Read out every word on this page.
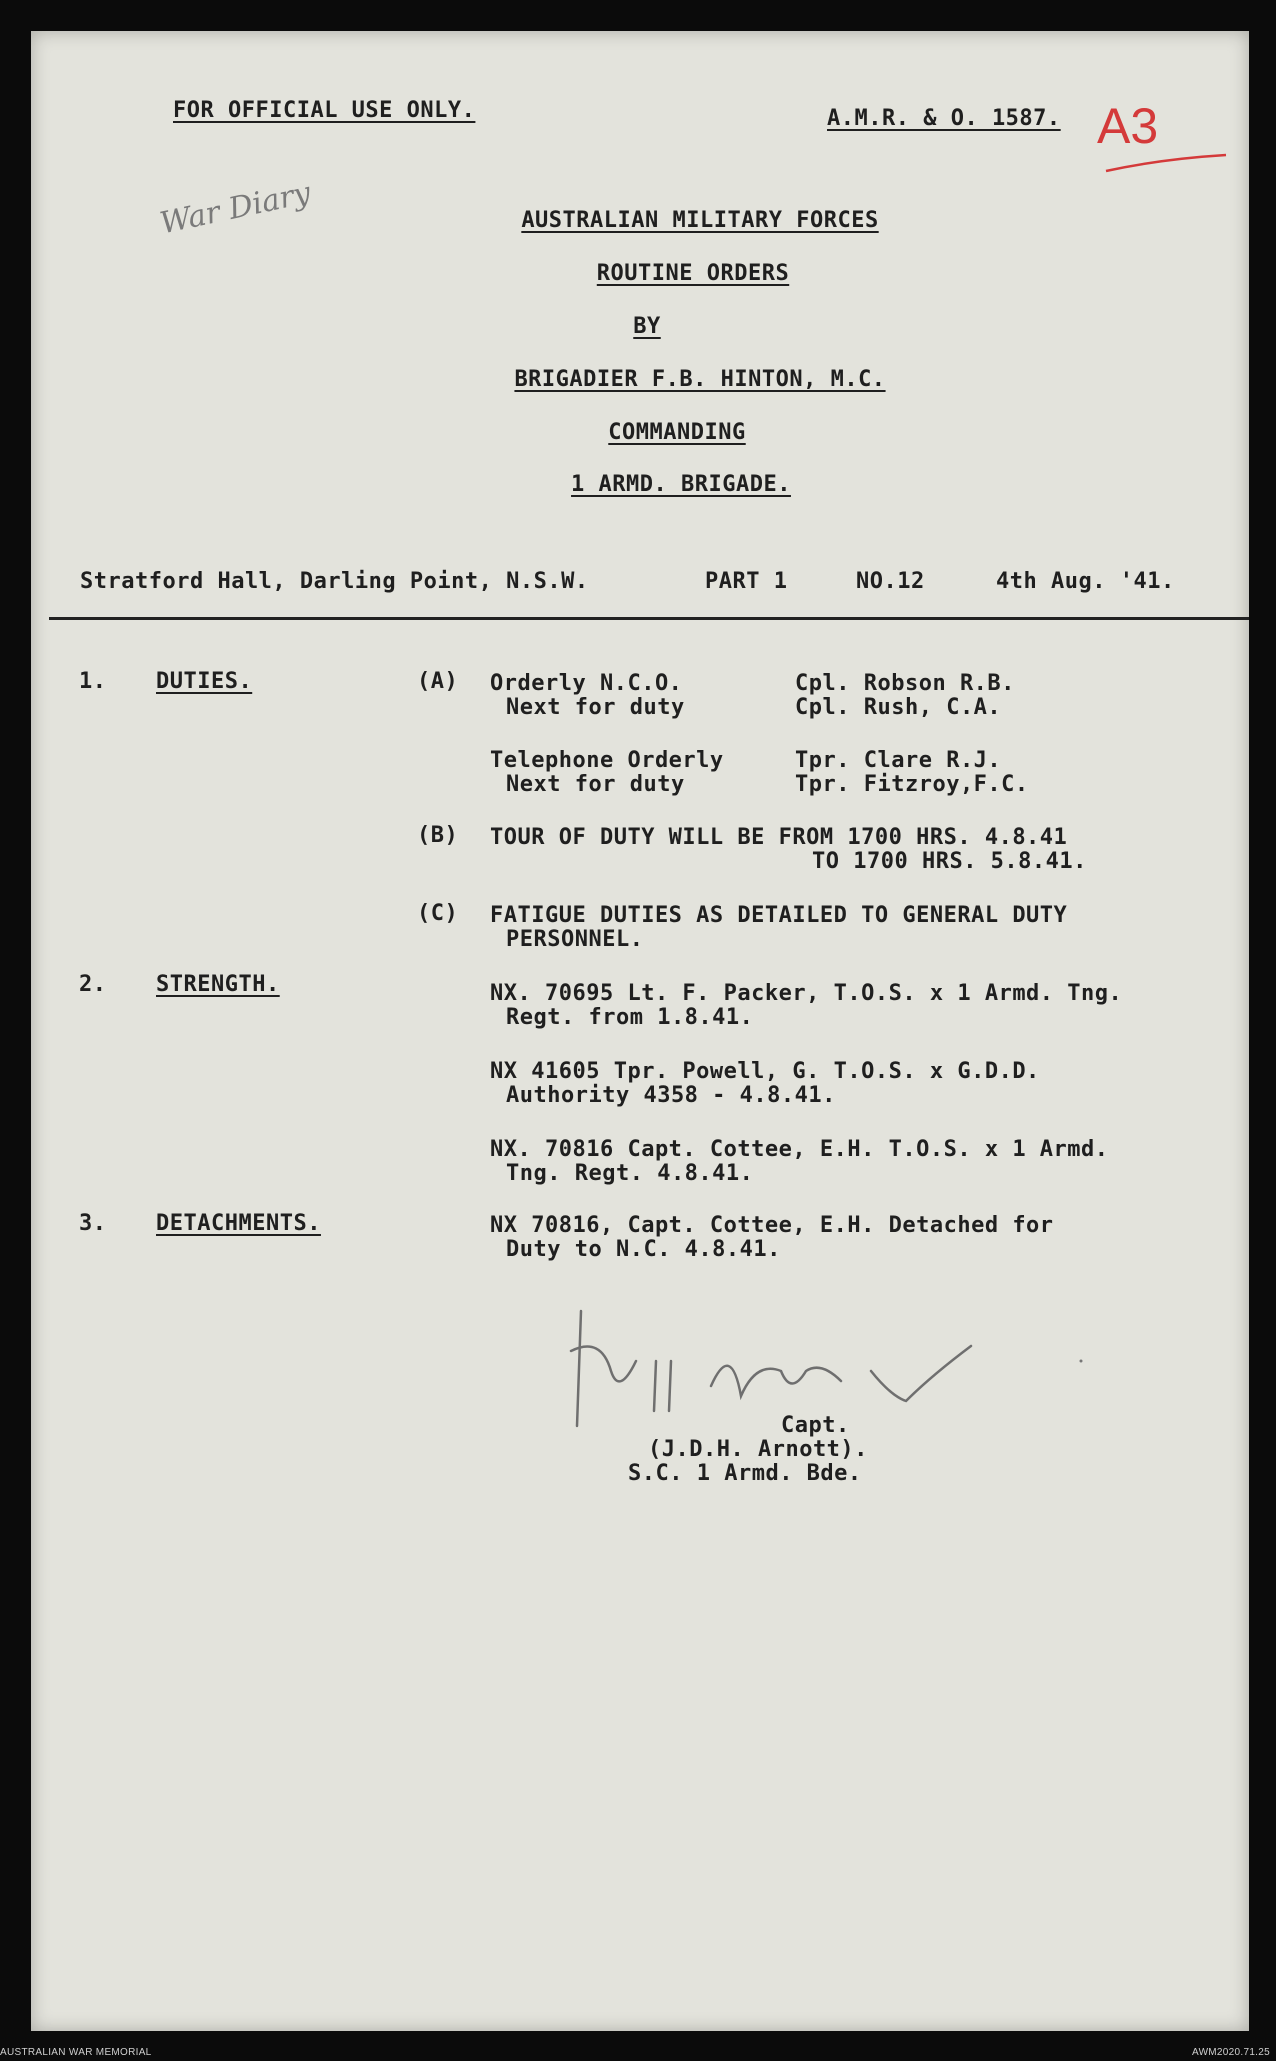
FOR OFFICIAL USE ONLY.	A.M.R. & O. 1587. A3
War Diary	AUSTRALIAN MILITARY FORCES
ROUTINE ORDERS
BY
BRIGADIER F.B. HINTON, M.C.
COMMANDING
1 ARMD. BRIGADE.
Stratford Hall, Darling Point, N.S.W.	PART 1	NO.12	4th Aug. '41.
1. DUTIES.	(A) Orderly N.C.O.	Cpl. Robson R.B.
Next for duty	Cpl. Rush, C.A.
Telephone Orderly	Tpr. Clare R.J.
Next for duty	Tpr. Fitzroy,F.C.
(B) TOUR OF DUTY WILL BE FROM 1700 HRS. 4.8.41
TO 1700 HRS. 5.8.41.
(C) FATIGUE DUTIES AS DETAILED TO GENERAL DUTY
PERSONNEL.
2. STRENGTH.	NX. 70695 Lt. F. Packer, T.O.S. x 1 Armd. Tng.
Regt. from 1.8.41.
NX 41605 Tpr. Powell, G. T.O.S. x G.D.D.
Authority 4358 - 4.8.41.
NX. 70816 Capt. Cottee, E.H. T.O.S. x 1 Armd.
Tng. Regt. 4.8.41.
3. DETACHMENTS.	NX 70816, Capt. Cottee, E.H. Detached for
Duty to N.C. 4.8.41.
Capt.
(J.D.H. Arnott).
S.C. 1 Armd. Bde.
AUSTRALIAN WAR MEMORIAL	AWM2020.71.25
